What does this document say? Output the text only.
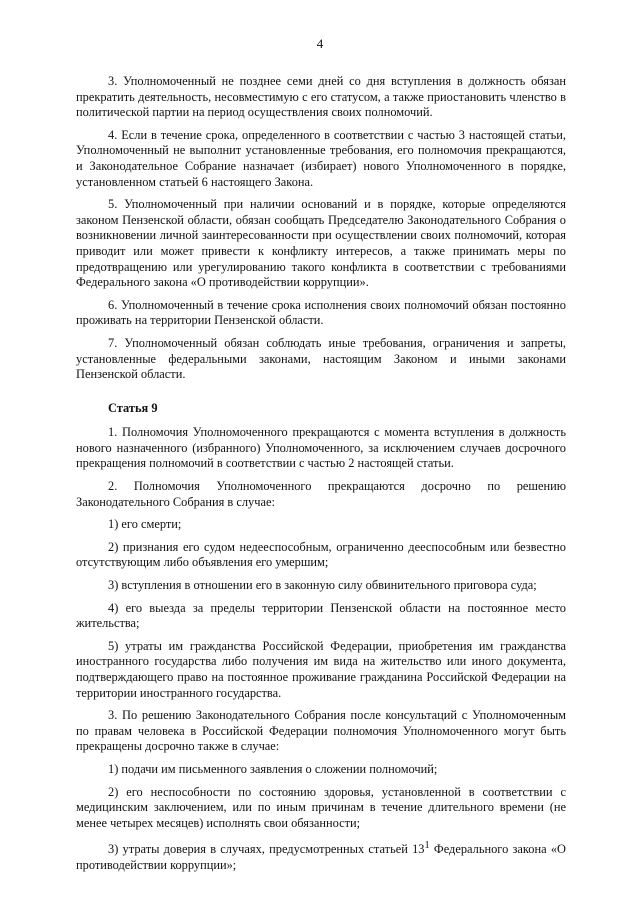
4

3. Уполномоченный не позднее семи дней со дня вступления в должность обязан прекратить деятельность, несовместимую с его статусом, а также приостановить членство в политической партии на период осуществления своих полномочий.

4. Если в течение срока, определенного в соответствии с частью 3 настоящей статьи, Уполномоченный не выполнит установленные требования, его полномочия прекращаются, и Законодательное Собрание назначает (избирает) нового Уполномоченного в порядке, установленном статьей 6 настоящего Закона.

5. Уполномоченный при наличии оснований и в порядке, которые определяются законом Пензенской области, обязан сообщать Председателю Законодательного Собрания о возникновении личной заинтересованности при осуществлении своих полномочий, которая приводит или может привести к конфликту интересов, а также принимать меры по предотвращению или урегулированию такого конфликта в соответствии с требованиями Федерального закона «О противодействии коррупции».

6. Уполномоченный в течение срока исполнения своих полномочий обязан постоянно проживать на территории Пензенской области.

7. Уполномоченный обязан соблюдать иные требования, ограничения и запреты, установленные федеральными законами, настоящим Законом и иными законами Пензенской области.

Статья 9

1. Полномочия Уполномоченного прекращаются с момента вступления в должность нового назначенного (избранного) Уполномоченного, за исключением случаев досрочного прекращения полномочий в соответствии с частью 2 настоящей статьи.

2. Полномочия Уполномоченного прекращаются досрочно по решению Законодательного Собрания в случае:

1) его смерти;

2) признания его судом недееспособным, ограниченно дееспособным или безвестно отсутствующим либо объявления его умершим;

3) вступления в отношении его в законную силу обвинительного приговора суда;

4) его выезда за пределы территории Пензенской области на постоянное место жительства;

5) утраты им гражданства Российской Федерации, приобретения им гражданства иностранного государства либо получения им вида на жительство или иного документа, подтверждающего право на постоянное проживание гражданина Российской Федерации на территории иностранного государства.

3. По решению Законодательного Собрания после консультаций с Уполномоченным по правам человека в Российской Федерации полномочия Уполномоченного могут быть прекращены досрочно также в случае:

1) подачи им письменного заявления о сложении полномочий;

2) его неспособности по состоянию здоровья, установленной в соответствии с медицинским заключением, или по иным причинам в течение длительного времени (не менее четырех месяцев) исполнять свои обязанности;

3) утраты доверия в случаях, предусмотренных статьей $13^1$ Федерального закона «О противодействии коррупции»;
